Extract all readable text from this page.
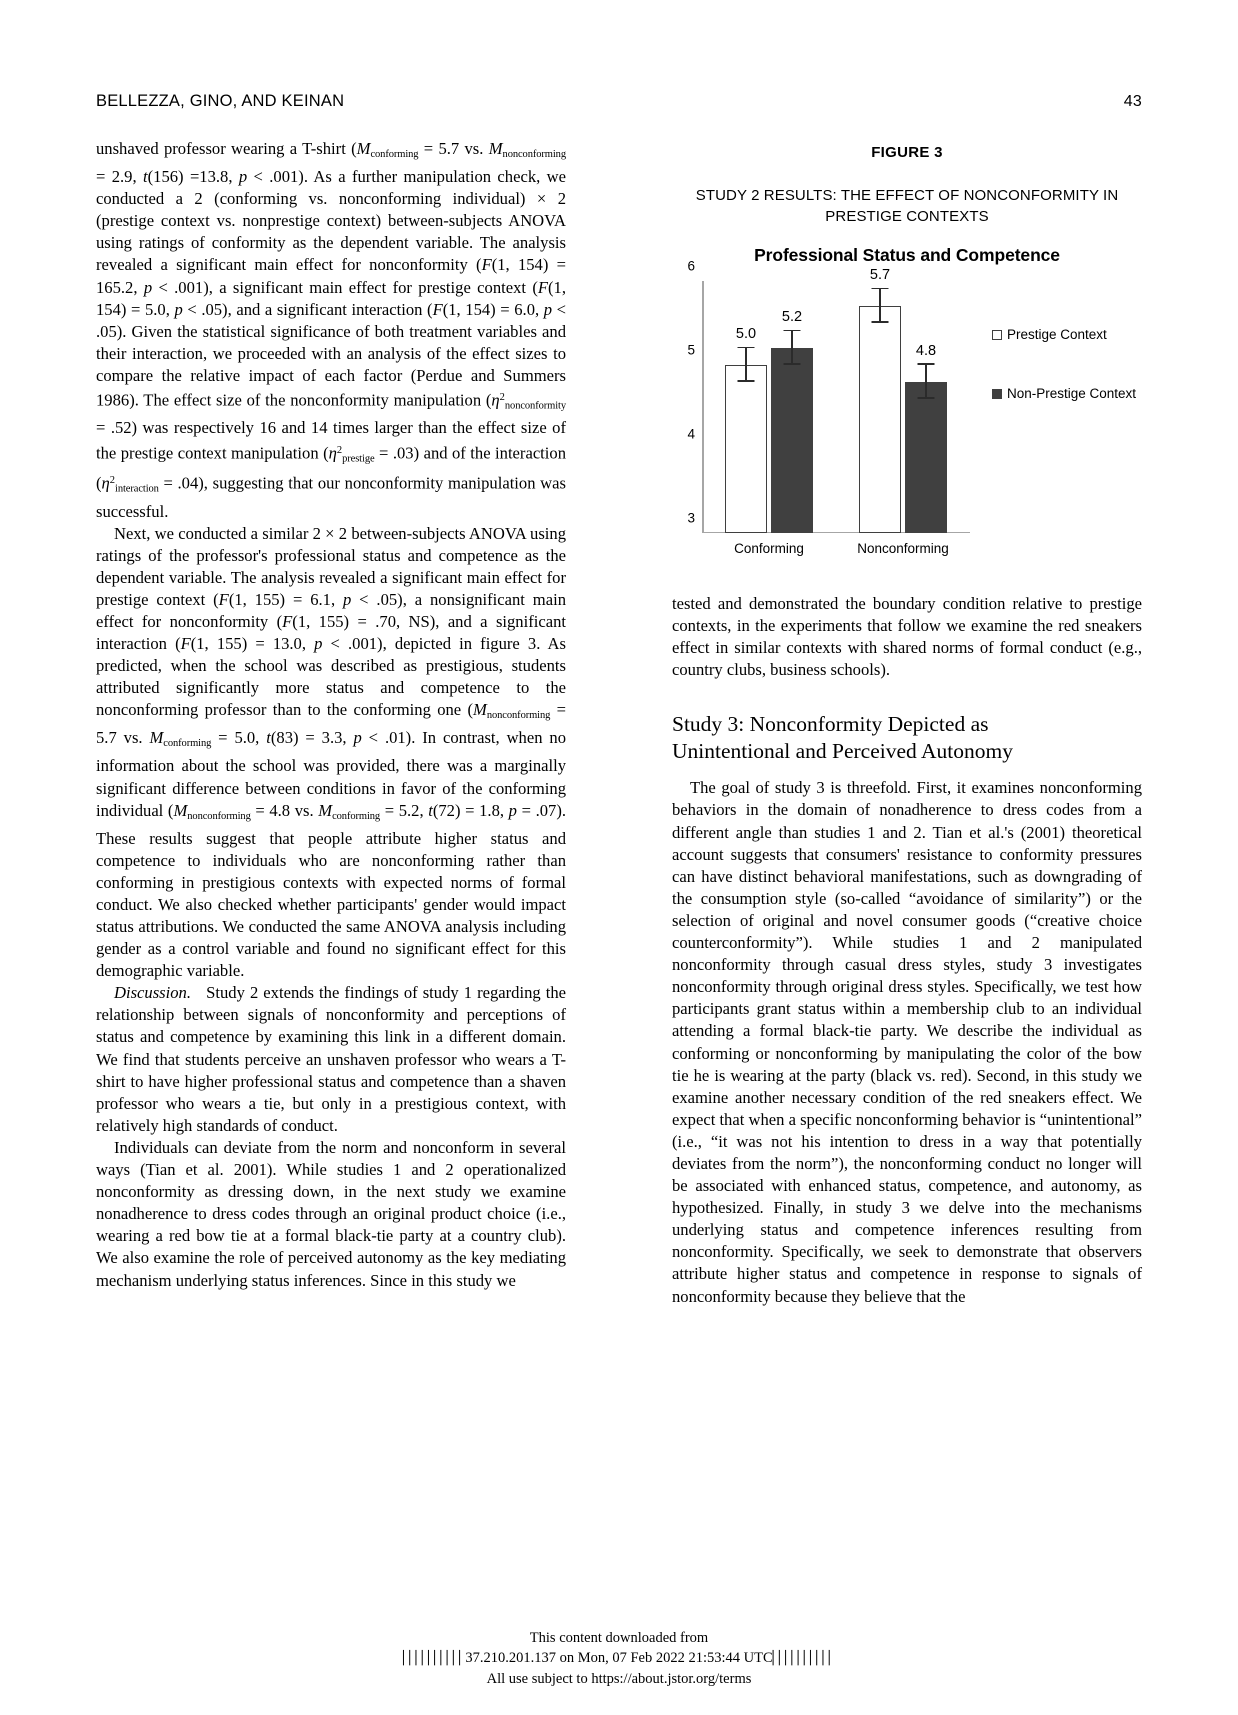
BELLEZZA, GINO, AND KEINAN	43

unshaved professor wearing a T-shirt ($M_{conforming} = 5.7$ vs. $M_{nonconforming} = 2.9$, t(156) =13.8, p < .001). As a further manipulation check, we conducted a 2 (conforming vs. nonconforming individual) × 2 (prestige context vs. nonprestige context) between-subjects ANOVA using ratings of conformity as the dependent variable. The analysis revealed a significant main effect for nonconformity (F(1, 154) = 165.2, p < .001), a significant main effect for prestige context (F(1, 154) = 5.0, p < .05), and a significant interaction (F(1, 154) = 6.0, p < .05). Given the statistical significance of both treatment variables and their interaction, we proceeded with an analysis of the effect sizes to compare the relative impact of each factor (Perdue and Summers 1986). The effect size of the nonconformity manipulation $(\eta^2_{nonconformity} = .52)$ was respectively 16 and 14 times larger than the effect size of the prestige context manipulation $(\eta^2_{prestige} = .03)$ and of the interaction $(\eta^2_{interaction} = .04)$, suggesting that our nonconformity manipulation was successful.

Next, we conducted a similar 2 × 2 between-subjects ANOVA using ratings of the professor's professional status and competence as the dependent variable. The analysis revealed a significant main effect for prestige context (F(1, 155) = 6.1, p < .05), a nonsignificant main effect for nonconformity (F(1, 155) = .70, NS), and a significant interaction (F(1, 155) = 13.0, p < .001), depicted in figure 3. As predicted, when the school was described as prestigious, students attributed significantly more status and competence to the nonconforming professor than to the conforming one ($M_{nonconforming} = 5.7$ vs. $M_{conforming} = 5.0$, t(83) = 3.3, p < .01). In contrast, when no information about the school was provided, there was a marginally significant difference between conditions in favor of the conforming individual ($M_{nonconforming} = 4.8$ vs. $M_{conforming} = 5.2$, t(72) = 1.8, p = .07). These results suggest that people attribute higher status and competence to individuals who are nonconforming rather than conforming in prestigious contexts with expected norms of formal conduct. We also checked whether participants' gender would impact status attributions. We conducted the same ANOVA analysis including gender as a control variable and found no significant effect for this demographic variable.

Discussion.   Study 2 extends the findings of study 1 regarding the relationship between signals of nonconformity and perceptions of status and competence by examining this link in a different domain. We find that students perceive an unshaven professor who wears a T-shirt to have higher professional status and competence than a shaven professor who wears a tie, but only in a prestigious context, with relatively high standards of conduct.

Individuals can deviate from the norm and nonconform in several ways (Tian et al. 2001). While studies 1 and 2 operationalized nonconformity as dressing down, in the next study we examine nonadherence to dress codes through an original product choice (i.e., wearing a red bow tie at a formal black-tie party at a country club). We also examine the role of perceived autonomy as the key mediating mechanism underlying status inferences. Since in this study we

FIGURE 3
STUDY 2 RESULTS: THE EFFECT OF NONCONFORMITY IN
PRESTIGE CONTEXTS
Professional Status and Competence
3
4
5
6
5.0
5.2
Conforming
5.7
4.8
Nonconforming
Prestige Context
Non-Prestige Context

tested and demonstrated the boundary condition relative to prestige contexts, in the experiments that follow we examine the red sneakers effect in similar contexts with shared norms of formal conduct (e.g., country clubs, business schools).

Study 3: Nonconformity Depicted as
Unintentional and Perceived Autonomy

The goal of study 3 is threefold. First, it examines nonconforming behaviors in the domain of nonadherence to dress codes from a different angle than studies 1 and 2. Tian et al.'s (2001) theoretical account suggests that consumers' resistance to conformity pressures can have distinct behavioral manifestations, such as downgrading of the consumption style (so-called “avoidance of similarity”) or the selection of original and novel consumer goods (“creative choice counterconformity”). While studies 1 and 2 manipulated nonconformity through casual dress styles, study 3 investigates nonconformity through original dress styles. Specifically, we test how participants grant status within a membership club to an individual attending a formal black-tie party. We describe the individual as conforming or nonconforming by manipulating the color of the bow tie he is wearing at the party (black vs. red). Second, in this study we examine another necessary condition of the red sneakers effect. We expect that when a specific nonconforming behavior is “unintentional” (i.e., “it was not his intention to dress in a way that potentially deviates from the norm”), the nonconforming conduct no longer will be associated with enhanced status, competence, and autonomy, as hypothesized. Finally, in study 3 we delve into the mechanisms underlying status and competence inferences resulting from nonconformity. Specifically, we seek to demonstrate that observers attribute higher status and competence in response to signals of nonconformity because they believe that the

This content downloaded from
▏▏▏▏▏▏▏▏▏▏37.210.201.137 on Mon, 07 Feb 2022 21:53:44 UTC▏▏▏▏▏▏▏▏▏▏
All use subject to https://about.jstor.org/terms
